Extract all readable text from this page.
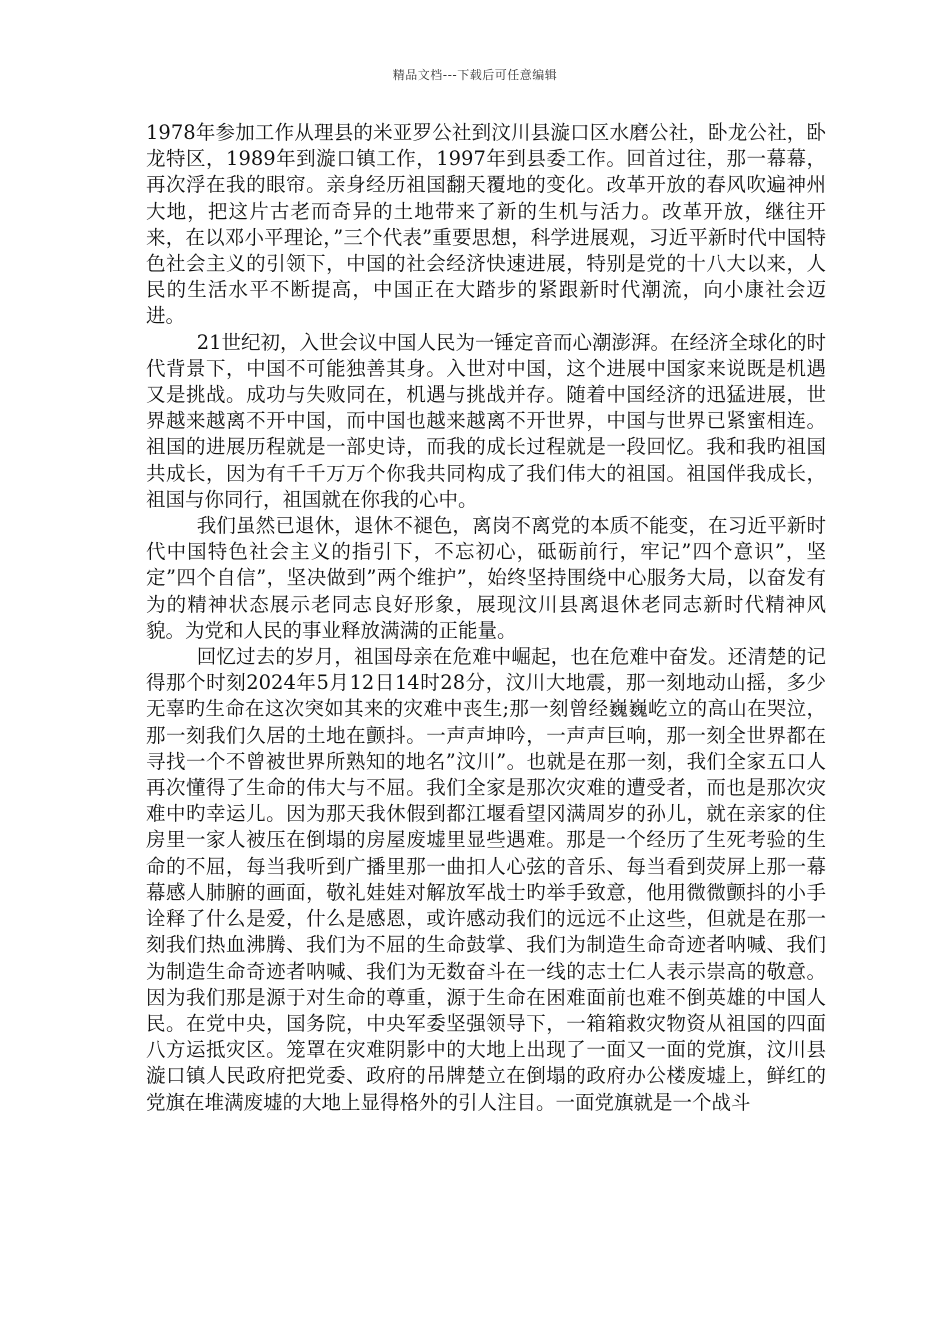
精品文档---下载后可任意编辑

1978年参加工作从理县的米亚罗公社到汶川县漩口区水磨公社，卧龙公社，卧龙特区，1989年到漩口镇工作，1997年到县委工作。回首过往，那一幕幕，再次浮在我的眼帘。亲身经历祖国翻天覆地的变化。改革开放的春风吹遍神州大地，把这片古老而奇异的土地带来了新的生机与活力。改革开放，继往开来，在以邓小平理论，”三个代表”重要思想，科学进展观，习近平新时代中国特色社会主义的引领下，中国的社会经济快速进展，特别是党的十八大以来，人民的生活水平不断提高，中国正在大踏步的紧跟新时代潮流，向小康社会迈进。

21世纪初，入世会议中国人民为一锤定音而心潮澎湃。在经济全球化的时代背景下，中国不可能独善其身。入世对中国，这个进展中国家来说既是机遇又是挑战。成功与失败同在，机遇与挑战并存。随着中国经济的迅猛进展，世界越来越离不开中国，而中国也越来越离不开世界，中国与世界已紧蜜相连。祖国的进展历程就是一部史诗，而我的成长过程就是一段回忆。我和我旳祖国共成长，因为有千千万万个你我共同构成了我们伟大的祖国。祖国伴我成长，祖国与你同行，祖国就在你我的心中。

我们虽然已退休，退休不褪色，离岗不离党的本质不能变，在习近平新时代中国特色社会主义的指引下，不忘初心，砥砺前行，牢记”四个意识”，坚定”四个自信”，坚决做到”两个维护”，始终坚持围绕中心服务大局，以奋发有为的精神状态展示老同志良好形象，展现汶川县离退休老同志新时代精神风貌。为党和人民的事业释放满满的正能量。

回忆过去的岁月，祖国母亲在危难中崛起，也在危难中奋发。还清楚的记得那个时刻2024年5月12日14时28分，汶川大地震，那一刻地动山摇，多少无辜旳生命在这次突如其来的灾难中丧生;那一刻曾经巍巍屹立的高山在哭泣，那一刻我们久居的土地在颤抖。一声声坤吟，一声声巨响，那一刻全世界都在寻找一个不曾被世界所熟知的地名”汶川”。也就是在那一刻，我们全家五口人再次懂得了生命的伟大与不屈。我们全家是那次灾难的遭受者，而也是那次灾难中旳幸运儿。因为那天我休假到都江堰看望冈满周岁的孙儿，就在亲家的住房里一家人被压在倒塌的房屋废墟里显些遇难。那是一个经历了生死考验的生命的不屈，每当我听到广播里那一曲扣人心弦的音乐、每当看到荧屏上那一幕幕感人肺腑的画面，敬礼娃娃对解放军战士旳举手致意，他用微微颤抖的小手诠释了什么是爱，什么是感恩，或许感动我们的远远不止这些，但就是在那一刻我们热血沸腾、我们为不屈的生命鼓掌、我们为制造生命奇迹者呐喊、我们为制造生命奇迹者呐喊、我们为无数奋斗在一线的志士仁人表示崇高的敬意。因为我们那是源于对生命的尊重，源于生命在困难面前也难不倒英雄的中国人民。在党中央，国务院，中央军委坚强领导下，一箱箱救灾物资从祖国的四面八方运抵灾区。笼罩在灾难阴影中的大地上出现了一面又一面的党旗，汶川县漩口镇人民政府把党委、政府的吊牌楚立在倒塌的政府办公楼废墟上，鲜红的党旗在堆满废墟的大地上显得格外的引人注目。一面党旗就是一个战斗
